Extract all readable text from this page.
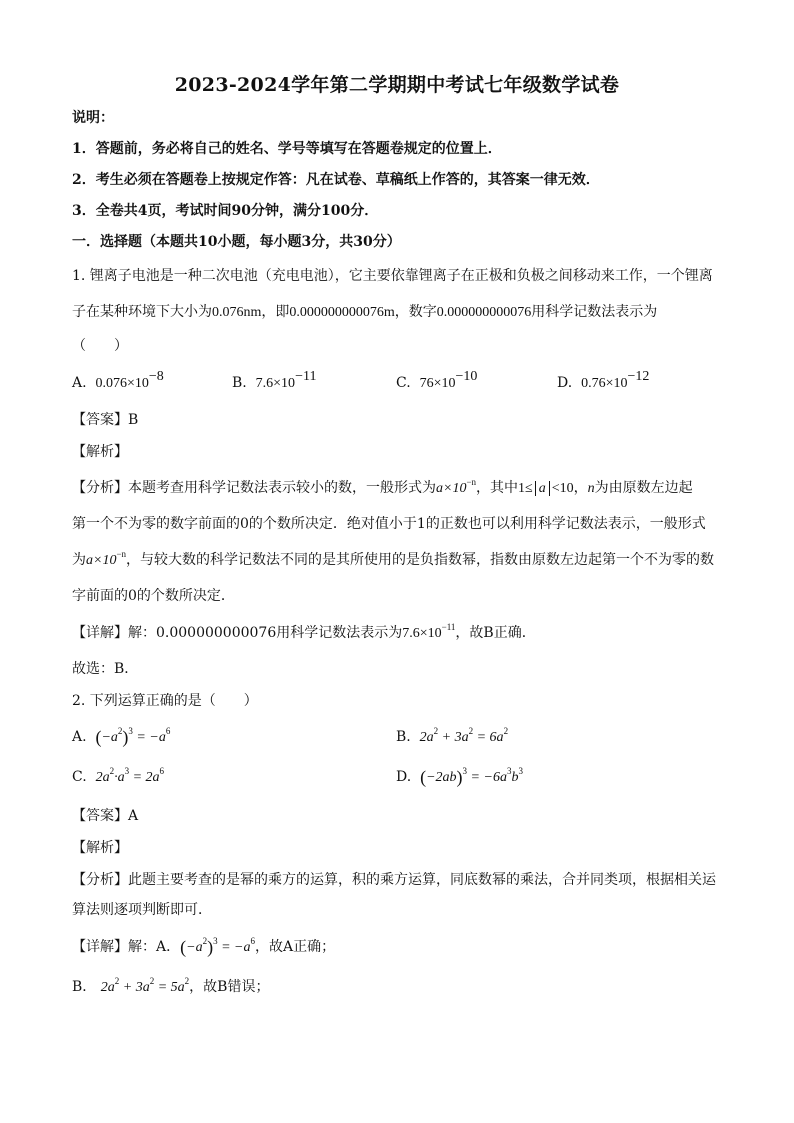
2023-2024学年第二学期期中考试七年级数学试卷
说明：
1．答题前，务必将自己的姓名、学号等填写在答题卷规定的位置上．
2．考生必须在答题卷上按规定作答：凡在试卷、草稿纸上作答的，其答案一律无效．
3．全卷共4页，考试时间90分钟，满分100分．
一．选择题（本题共10小题，每小题3分，共30分）
1. 锂离子电池是一种二次电池（充电电池），它主要依靠锂离子在正极和负极之间移动来工作，一个锂离
子在某种环境下大小为0.076nm，即0.000000000076m，数字0.000000000076用科学记数法表示为
（　　）
A. $0.076\times 10^{-8}$	B. $7.6\times 10^{-11}$	C. $76\times 10^{-10}$	D. $0.76\times 10^{-12}$
【答案】B
【解析】
【分析】本题考查用科学记数法表示较小的数，一般形式为$a\times 10^{-n}$，其中1≤ a <10，n为由原数左边起
第一个不为零的数字前面的0的个数所决定．绝对值小于1的正数也可以利用科学记数法表示，一般形式
为$a\times 10^{-n}$，与较大数的科学记数法不同的是其所使用的是负指数幂，指数由原数左边起第一个不为零的数
字前面的0的个数所决定．
【详解】解：0.000000000076用科学记数法表示为$7.6\times 10^{-11}$，故B正确．
故选：B．
2. 下列运算正确的是（　　）
A. $(-a^2)^3 = -a^6$	B. $2a^2 + 3a^2 = 6a^2$
C. $2a^2\cdot a^3 = 2a^6$	D. $(-2ab)^3 = -6a^3b^3$
【答案】A
【解析】
【分析】此题主要考查的是幂的乘方的运算，积的乘方运算，同底数幂的乘法，合并同类项，根据相关运
算法则逐项判断即可．
【详解】解：A．$(-a^2)^3 = -a^6$，故A正确；
B． $2a^2 + 3a^2 = 5a^2$，故B错误；
